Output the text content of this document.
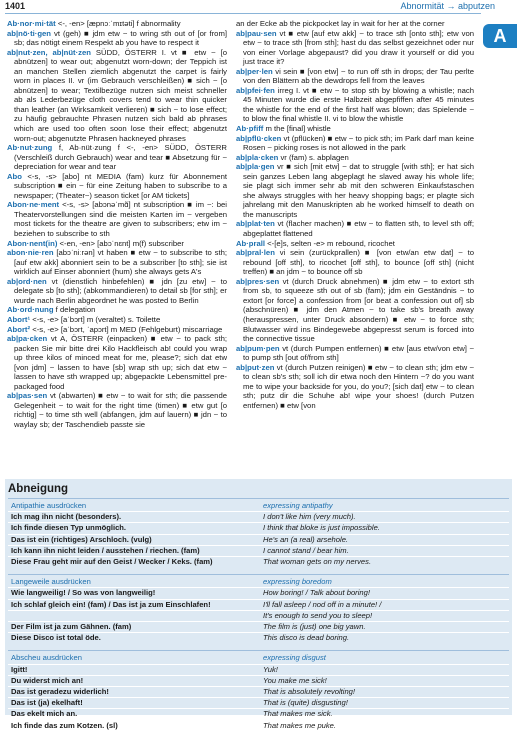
1401	Abnormität → abputzen
A

Ab·nor·mi·tät <-, -en> [æpnɔːˈmɪtəti] f abnormality

ab|nö·ti·gen vt (geh) ■ jdm etw ~ to wring sth out of [or from] sb; das nötigt einem Respekt ab you have to respect it

ab|nut·zen, ab|nüt·zen SÜDD, ÖSTERR I. vt ■ etw ~ [o abnützen] to wear out; abgenutzt worn-down; der Teppich ist an manchen Stellen ziemlich abgenutzt the carpet is fairly worn in places II. vr (im Gebrauch verschleißen) ■ sich ~ [o abnützen] to wear; Textilbezüge nutzen sich meist schneller ab als Lederbezüge cloth covers tend to wear thin quicker than leather (an Wirksamkeit verlieren) ■ sich ~ to lose effect; zu häufig gebrauchte Phrasen nutzen sich bald ab phrases which are used too often soon lose their effect; abgenutzt worn-out; abgenutzte Phrasen hackneyed phrases

Ab·nut·zung f, Ab·nüt·zung f <-, -en> SÜDD, ÖSTERR (Verschleiß durch Gebrauch) wear and tear ■ Absetzung für ~ depreciation for wear and tear

Abo <-s, -s> [abo] nt MEDIA (fam) kurz für Abonnement subscription ■ ein ~ für eine Zeitung haben to subscribe to a newspaper; (Theater~) season ticket [or AM tickets]

Abon·ne·ment <-s, -s> [abɔnəˈmɑ̃] nt subscription ■ im ~: bei Theatervorstellungen sind die meisten Karten im ~ vergeben most tickets for the theatre are given to subscribers; etw im ~ beziehen to subscribe to sth

Abon·nent(in) <-en, -en> [abɔˈnɛnt] m(f) subscriber

abon·nie·ren [abɔˈniːrən] vt haben ■ etw ~ to subscribe to sth; [auf etw akk] abonniert sein to be a subscriber [to sth]; sie ist wirklich auf Einser abonniert (hum) she always gets A's

ab|ord·nen vt (dienstlich hinbefehlen) ■ jdn [zu etw] ~ to delegate sb [to sth]; (abkommandieren) to detail sb [for sth]; er wurde nach Berlin abgeordnet he was posted to Berlin

Ab·ord·nung f delegation

Abort¹ <-s, -e> [aˈbɔrt] m (veraltet) s. Toilette

Abort² <-s, -e> [aˈbɔrt, ˈapɔrt] m MED (Fehlgeburt) miscarriage

ab|pa·cken vt A, ÖSTERR (einpacken) ■ etw ~ to pack sth; packen Sie mir bitte drei Kilo Hackfleisch ab! could you wrap up three kilos of minced meat for me, please?; sich dat etw [von jdm] ~ lassen to have [sb] wrap sth up; sich dat etw ~ lassen to have sth wrapped up; abgepackte Lebensmittel pre-packaged food

ab|pas·sen vt (abwarten) ■ etw ~ to wait for sth; die passende Gelegenheit ~ to wait for the right time (timen) ■ etw gut [o richtig] ~ to time sth well (abfangen, jdm auf lauern) ■ jdn ~ to waylay sb; der Taschendieb passte sie

an der Ecke ab the pickpocket lay in wait for her at the corner

ab|pau·sen vt ■ etw [auf etw akk] ~ to trace sth [onto sth]; etw von etw ~ to trace sth [from sth]; hast du das selbst gezeichnet oder nur von einer Vorlage abgepaust? did you draw it yourself or did you just trace it?

ab|per·len vi sein ■ [von etw] ~ to run off sth in drops; der Tau perlte von den Blättern ab the dewdrops fell from the leaves

ab|pfei·fen irreg I. vt ■ etw ~ to stop sth by blowing a whistle; nach 45 Minuten wurde die erste Halbzeit abgepfiffen after 45 minutes the whistle for the end of the first half was blown; das Spielende ~ to blow the final whistle II. vi to blow the whistle

Ab·pfiff m the [final] whistle

ab|pflü·cken vt (pflücken) ■ etw ~ to pick sth; im Park darf man keine Rosen ~ picking roses is not allowed in the park

ab|pla·cken vr (fam) s. abplagen

ab|pla·gen vr ■ sich [mit etw] ~ dat to struggle [with sth]; er hat sich sein ganzes Leben lang abgeplagt he slaved away his whole life; sie plagt sich immer sehr ab mit den schweren Einkaufstaschen she always struggles with her heavy shopping bags; er plagte sich jahrelang mit den Manuskripten ab he worked himself to death on the manuscripts

ab|plat·ten vt (flacher machen) ■ etw ~ to flatten sth, to level sth off; abgeplattet flattened

Ab·prall <-[e]s, selten -e> m rebound, ricochet

ab|pral·len vi sein (zurückprallen) ■ [von etw/an etw dat] ~ to rebound [off sth], to ricochet [off sth], to bounce [off sth] (nicht treffen) ■ an jdm ~ to bounce off sb

ab|pres·sen vt (durch Druck abnehmen) ■ jdm etw ~ to extort sth from sb, to squeeze sth out of sb (fam); jdm ein Geständnis ~ to extort [or force] a confession from [or beat a confession out of] sb (abschnüren) ■ jdm den Atmen ~ to take sb's breath away (herauspressen, unter Druck absondern) ■ etw ~ to force sth; Blutwasser wird ins Bindegewebe abgepresst serum is forced into the connective tissue

ab|pum·pen vt (durch Pumpen entfernen) ■ etw [aus etw/von etw] ~ to pump sth [out of/from sth]

ab|put·zen vt (durch Putzen reinigen) ■ etw ~ to clean sth; jdm etw ~ to clean sb's sth; soll ich dir etwa noch den Hintern ~? do you want me to wipe your backside for you, do you?; [sich dat] etw ~ to clean sth; putz dir die Schuhe ab! wipe your shoes! (durch Putzen entfernen) ■ etw [von

Abneigung
Antipathie ausdrücken	expressing antipathy
Ich mag ihn nicht (besonders).	I don't like him (very much).
Ich finde diesen Typ unmöglich.	I think that bloke is just impossible.
Das ist ein (richtiges) Arschloch. (vulg)	He's an (a real) arsehole.
Ich kann ihn nicht leiden / ausstehen / riechen. (fam)	I cannot stand / bear him.
Diese Frau geht mir auf den Geist / Wecker / Keks. (fam)	That woman gets on my nerves.
Langeweile ausdrücken	expressing boredom
Wie langweilig! / So was von langweilig!	How boring! / Talk about boring!
Ich schlaf gleich ein! (fam) / Das ist ja zum Einschlafen!	I'll fall asleep / nod off in a minute! /
It's enough to send you to sleep!
Der Film ist ja zum Gähnen. (fam)	The film is (just) one big yawn.
Diese Disco ist total öde.	This disco is dead boring.
Abscheu ausdrücken	expressing disgust
Igitt!	Yuk!
Du widerst mich an!	You make me sick!
Das ist geradezu widerlich!	That is absolutely revolting!
Das ist (ja) ekelhaft!	That is (quite) disgusting!
Das ekelt mich an.	That makes me sick.
Ich finde das zum Kotzen. (sl)	That makes me puke.
